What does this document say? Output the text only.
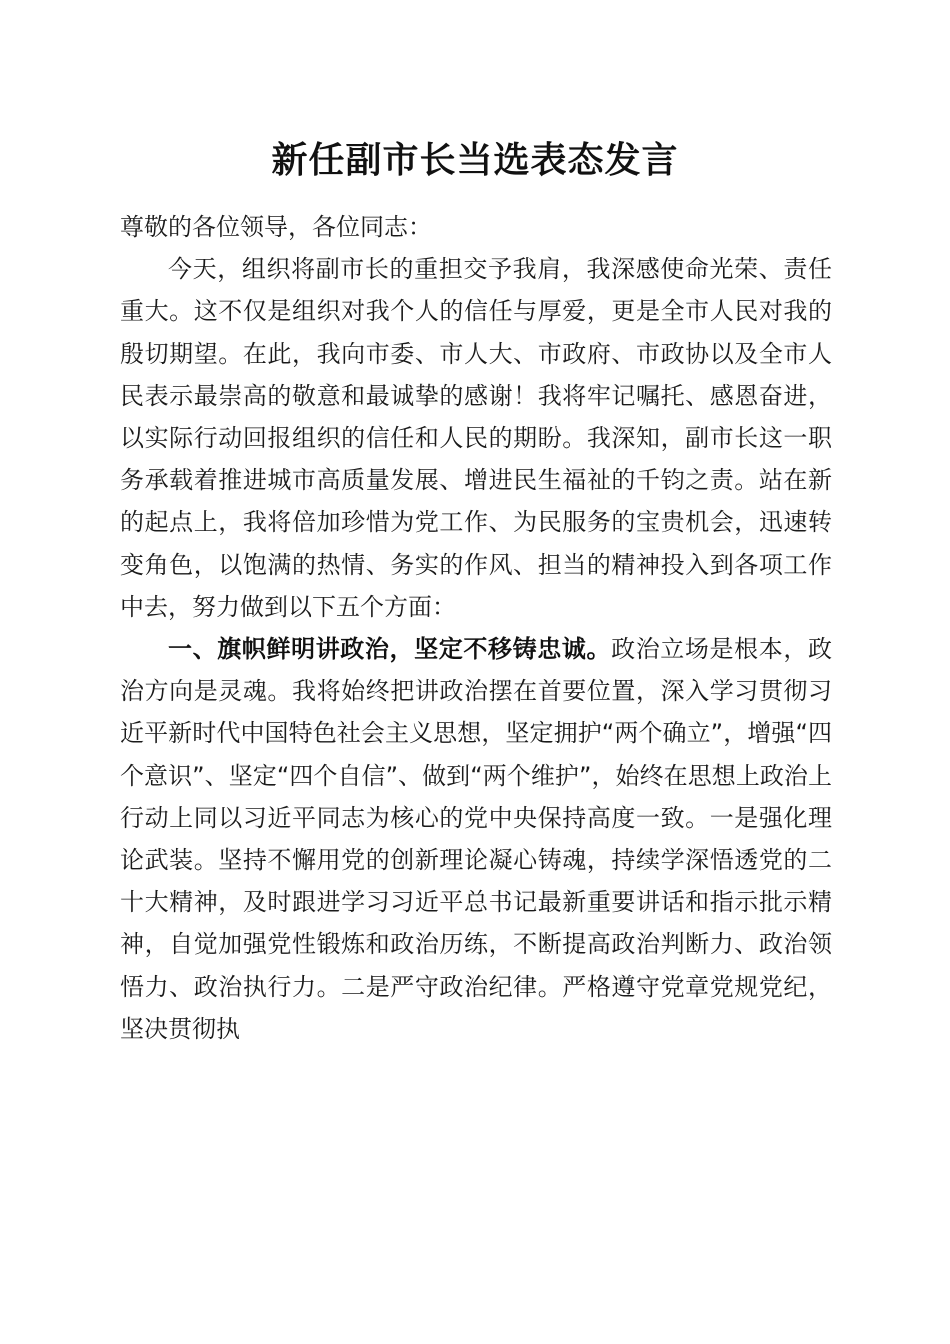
新任副市长当选表态发言

尊敬的各位领导，各位同志：

今天，组织将副市长的重担交予我肩，我深感使命光荣、责任重大。这不仅是组织对我个人的信任与厚爱，更是全市人民对我的殷切期望。在此，我向市委、市人大、市政府、市政协以及全市人民表示最崇高的敬意和最诚挚的感谢！我将牢记嘱托、感恩奋进，以实际行动回报组织的信任和人民的期盼。我深知，副市长这一职务承载着推进城市高质量发展、增进民生福祉的千钧之责。站在新的起点上，我将倍加珍惜为党工作、为民服务的宝贵机会，迅速转变角色，以饱满的热情、务实的作风、担当的精神投入到各项工作中去，努力做到以下五个方面：

一、旗帜鲜明讲政治，坚定不移铸忠诚。政治立场是根本，政治方向是灵魂。我将始终把讲政治摆在首要位置，深入学习贯彻习近平新时代中国特色社会主义思想，坚定拥护“两个确立”，增强“四个意识”、坚定“四个自信”、做到“两个维护”，始终在思想上政治上行动上同以习近平同志为核心的党中央保持高度一致。一是强化理论武装。坚持不懈用党的创新理论凝心铸魂，持续学深悟透党的二十大精神，及时跟进学习习近平总书记最新重要讲话和指示批示精神，自觉加强党性锻炼和政治历练，不断提高政治判断力、政治领悟力、政治执行力。二是严守政治纪律。严格遵守党章党规党纪，坚决贯彻执
